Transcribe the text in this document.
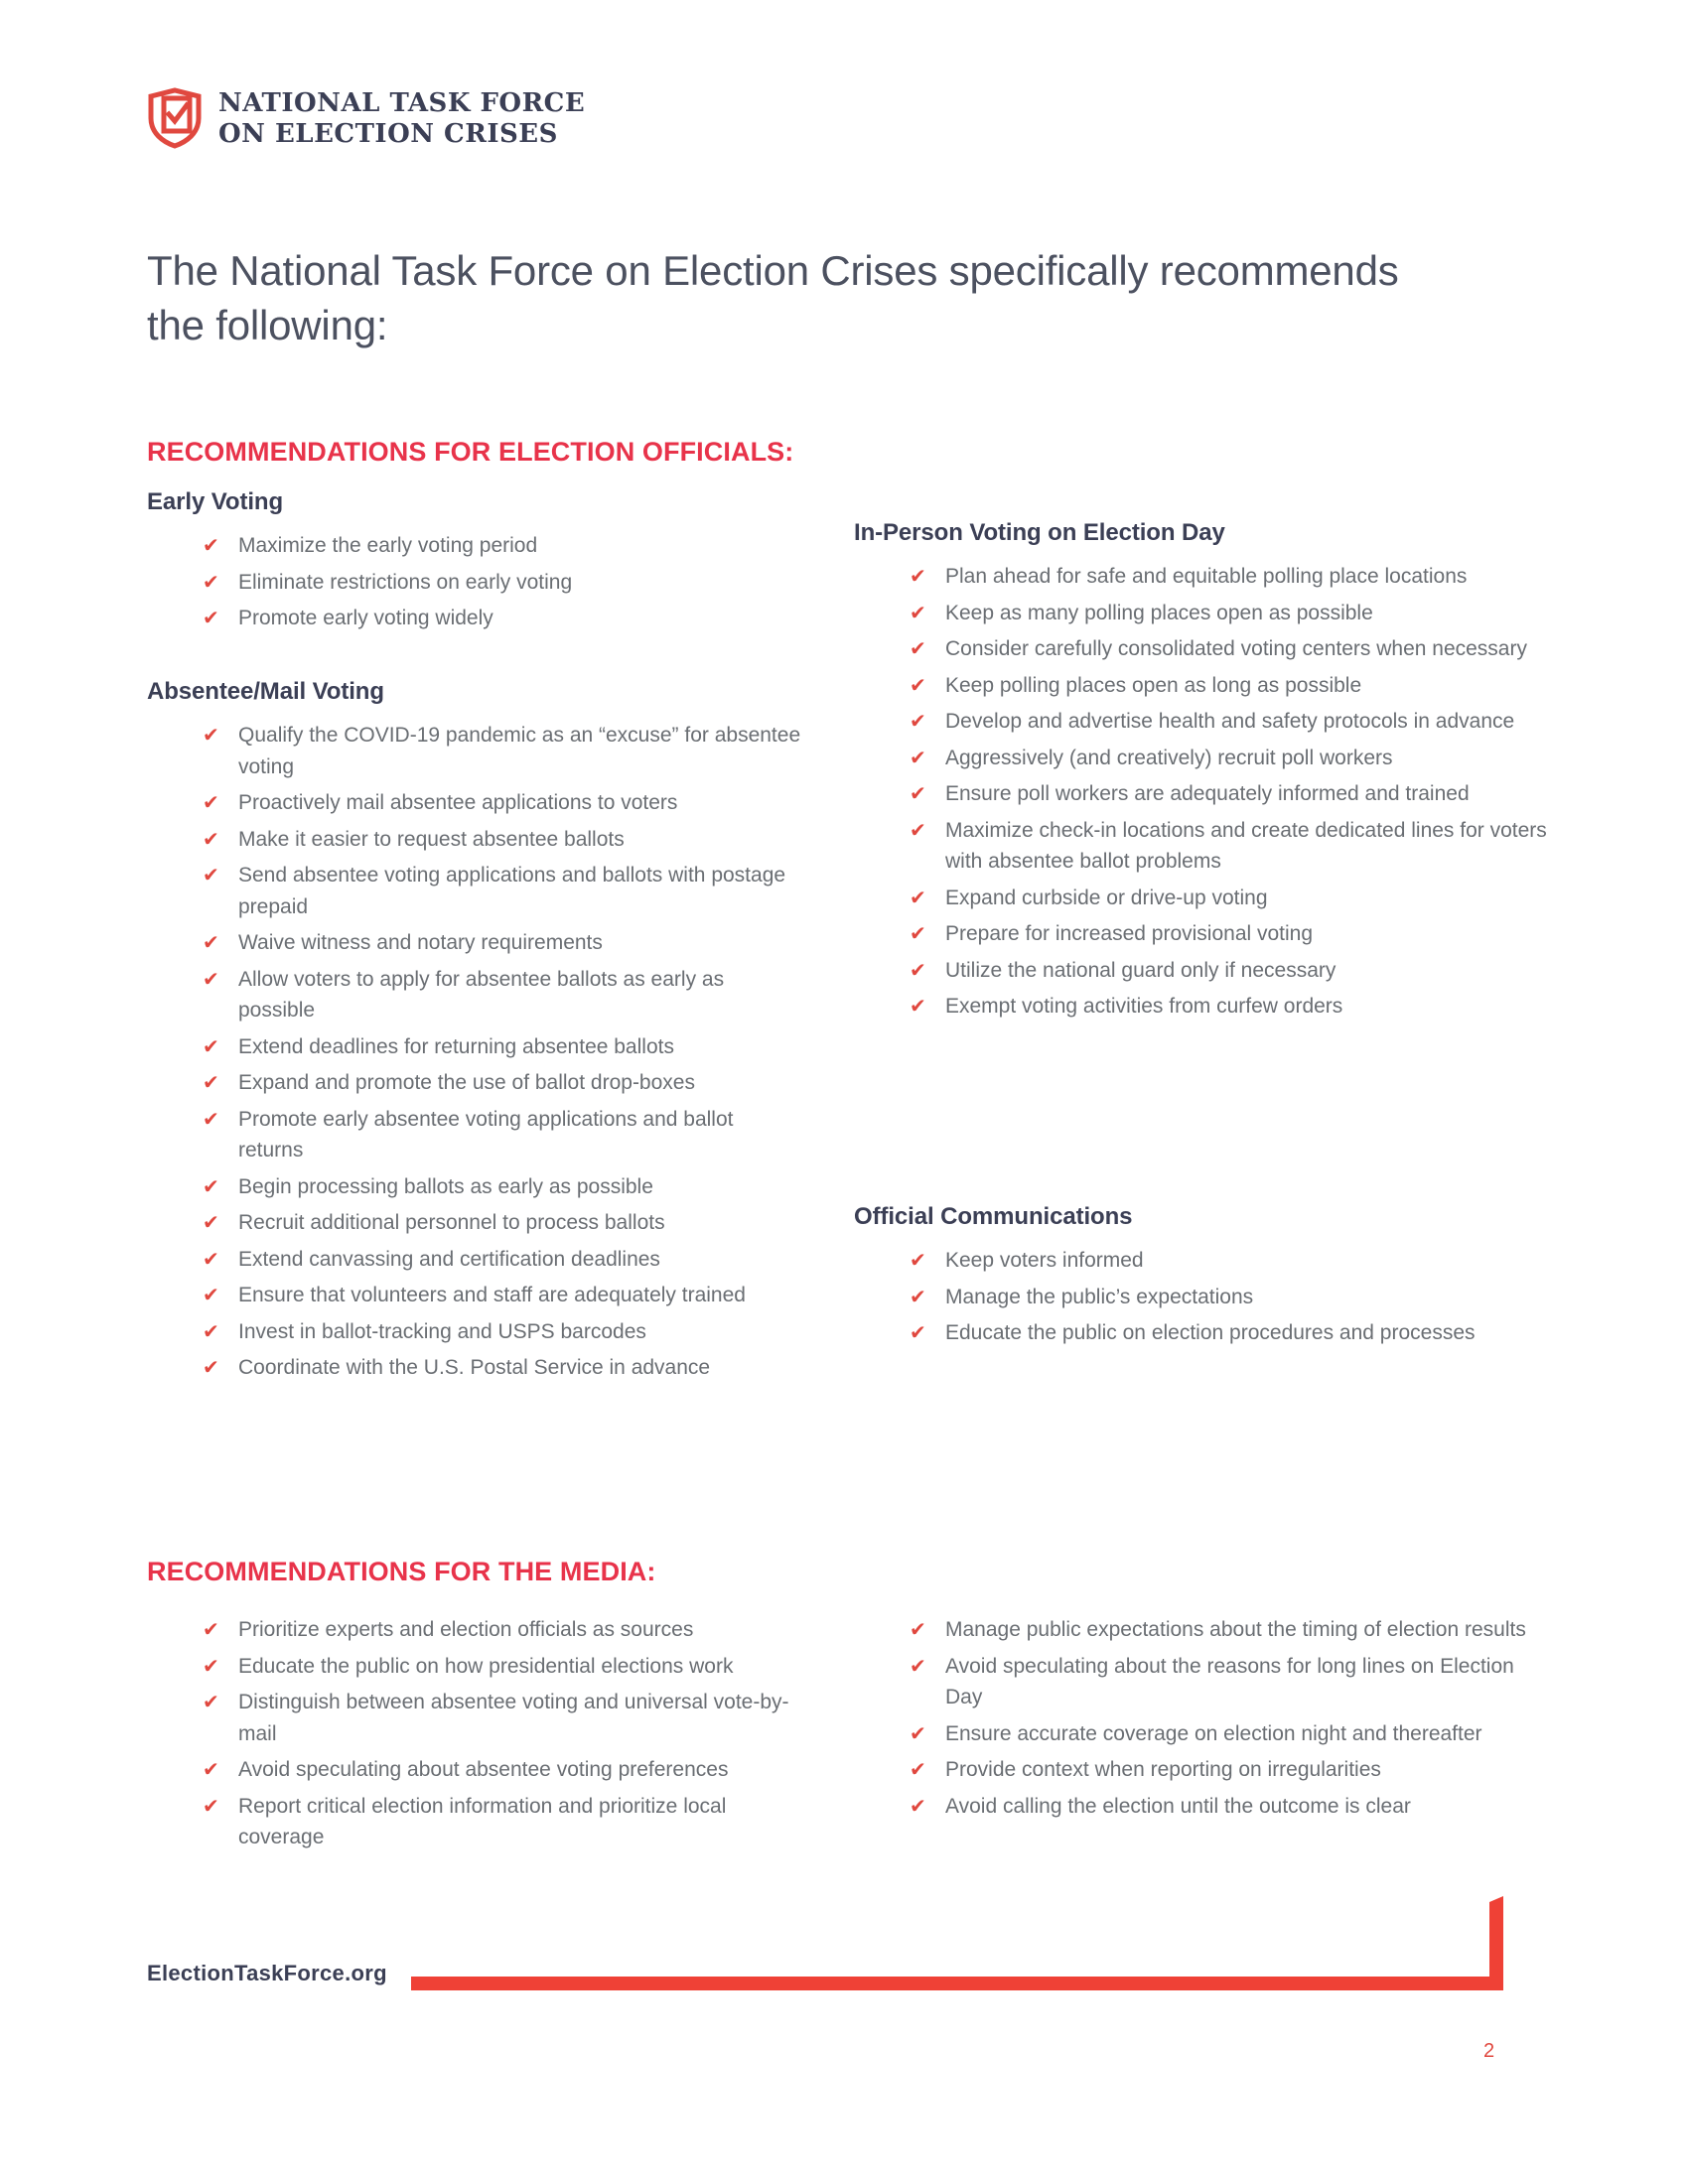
NATIONAL TASK FORCE
ON ELECTION CRISES
The National Task Force on Election Crises specifically recommends the following:
RECOMMENDATIONS FOR ELECTION OFFICIALS:
Early Voting
✔ Maximize the early voting period
✔ Eliminate restrictions on early voting
✔ Promote early voting widely
Absentee/Mail Voting
✔ Qualify the COVID-19 pandemic as an “excuse” for absentee voting
✔ Proactively mail absentee applications to voters
✔ Make it easier to request absentee ballots
✔ Send absentee voting applications and ballots with postage prepaid
✔ Waive witness and notary requirements
✔ Allow voters to apply for absentee ballots as early as possible
✔ Extend deadlines for returning absentee ballots
✔ Expand and promote the use of ballot drop-boxes
✔ Promote early absentee voting applications and ballot returns
✔ Begin processing ballots as early as possible
✔ Recruit additional personnel to process ballots
✔ Extend canvassing and certification deadlines
✔ Ensure that volunteers and staff are adequately trained
✔ Invest in ballot-tracking and USPS barcodes
✔ Coordinate with the U.S. Postal Service in advance
In-Person Voting on Election Day
✔ Plan ahead for safe and equitable polling place locations
✔ Keep as many polling places open as possible
✔ Consider carefully consolidated voting centers when necessary
✔ Keep polling places open as long as possible
✔ Develop and advertise health and safety protocols in advance
✔ Aggressively (and creatively) recruit poll workers
✔ Ensure poll workers are adequately informed and trained
✔ Maximize check-in locations and create dedicated lines for voters with absentee ballot problems
✔ Expand curbside or drive-up voting
✔ Prepare for increased provisional voting
✔ Utilize the national guard only if necessary
✔ Exempt voting activities from curfew orders
Official Communications
✔ Keep voters informed
✔ Manage the public’s expectations
✔ Educate the public on election procedures and processes
RECOMMENDATIONS FOR THE MEDIA:
✔ Prioritize experts and election officials as sources
✔ Educate the public on how presidential elections work
✔ Distinguish between absentee voting and universal vote-by-mail
✔ Avoid speculating about absentee voting preferences
✔ Report critical election information and prioritize local coverage
✔ Manage public expectations about the timing of election results
✔ Avoid speculating about the reasons for long lines on Election Day
✔ Ensure accurate coverage on election night and thereafter
✔ Provide context when reporting on irregularities
✔ Avoid calling the election until the outcome is clear
ElectionTaskForce.org
2
